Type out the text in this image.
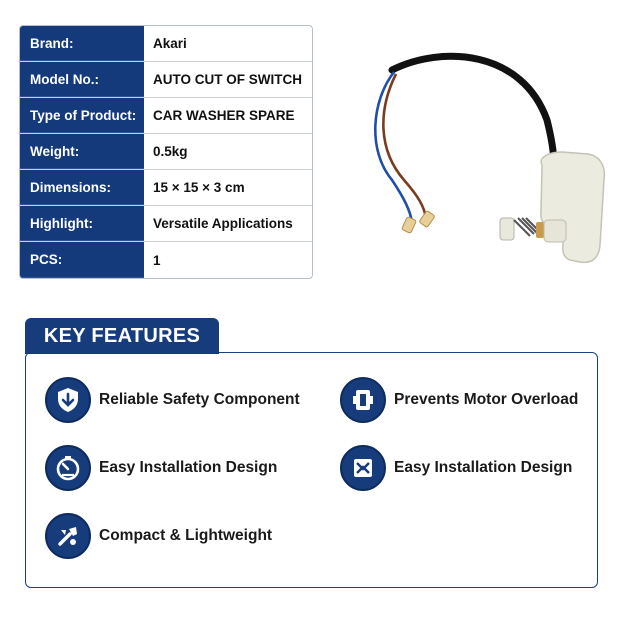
Brand:	Akari
Model No.:	AUTO CUT OF SWITCH
Type of Product:	CAR WASHER SPARE
Weight:	0.5kg
Dimensions:	15 × 15 × 3 cm
Highlight:	Versatile Applications
PCS:	1
KEY FEATURES
Reliable Safety Component	Prevents Motor Overload
Easy Installation Design	Easy Installation Design
Compact & Lightweight
